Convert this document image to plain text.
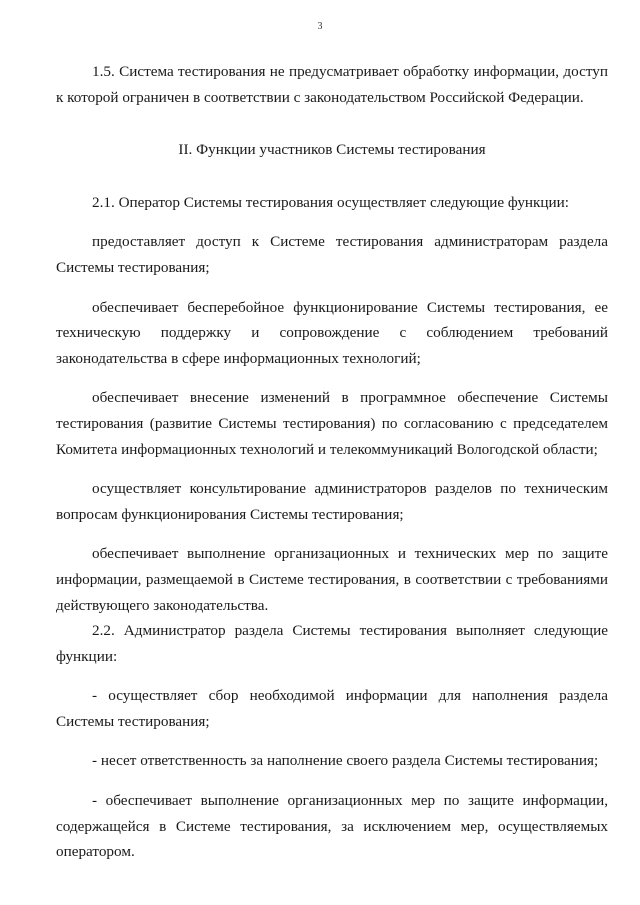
3

1.5. Система тестирования не предусматривает обработку информации, доступ к которой ограничен в соответствии с законодательством Российской Федерации.

II. Функции участников Системы тестирования

2.1. Оператор Системы тестирования осуществляет следующие функции:

предоставляет доступ к Системе тестирования администраторам раздела Системы тестирования;

обеспечивает бесперебойное функционирование Системы тестирования, ее техническую поддержку и сопровождение с соблюдением требований законодательства в сфере информационных технологий;

обеспечивает внесение изменений в программное обеспечение Системы тестирования (развитие Системы тестирования) по согласованию с председателем Комитета информационных технологий и телекоммуникаций Вологодской области;

осуществляет консультирование администраторов разделов по техническим вопросам функционирования Системы тестирования;

обеспечивает выполнение организационных и технических мер по защите информации, размещаемой в Системе тестирования, в соответствии с требованиями действующего законодательства.

2.2. Администратор раздела Системы тестирования выполняет следующие функции:

- осуществляет сбор необходимой информации для наполнения раздела Системы тестирования;

- несет ответственность за наполнение своего раздела Системы тестирования;

- обеспечивает выполнение организационных мер по защите информации, содержащейся в Системе тестирования, за исключением мер, осуществляемых оператором.
